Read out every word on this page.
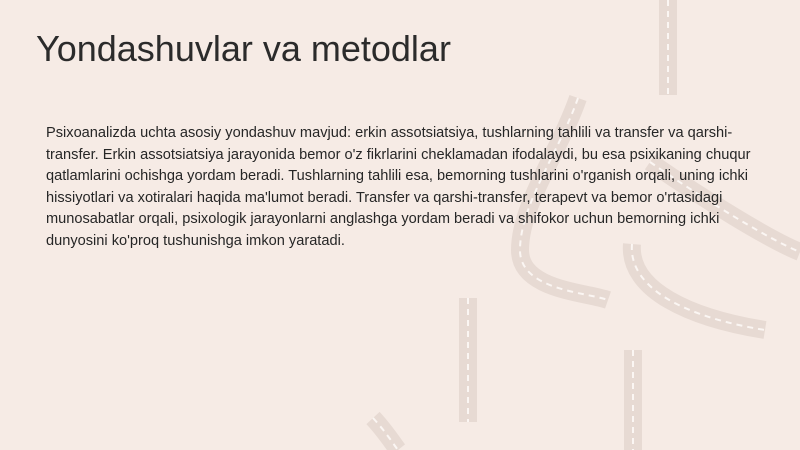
Yondashuvlar va metodlar

Psixoanalizda uchta asosiy yondashuv mavjud: erkin assotsiatsiya, tushlarning tahlili va transfer va qarshi-transfer. Erkin assotsiatsiya jarayonida bemor o'z fikrlarini cheklamadan ifodalaydi, bu esa psixikaning chuqur qatlamlarini ochishga yordam beradi. Tushlarning tahlili esa, bemorning tushlarini o'rganish orqali, uning ichki hissiyotlari va xotiralari haqida ma'lumot beradi. Transfer va qarshi-transfer, terapevt va bemor o'rtasidagi munosabatlar orqali, psixologik jarayonlarni anglashga yordam beradi va shifokor uchun bemorning ichki dunyosini ko'proq tushunishga imkon yaratadi.
